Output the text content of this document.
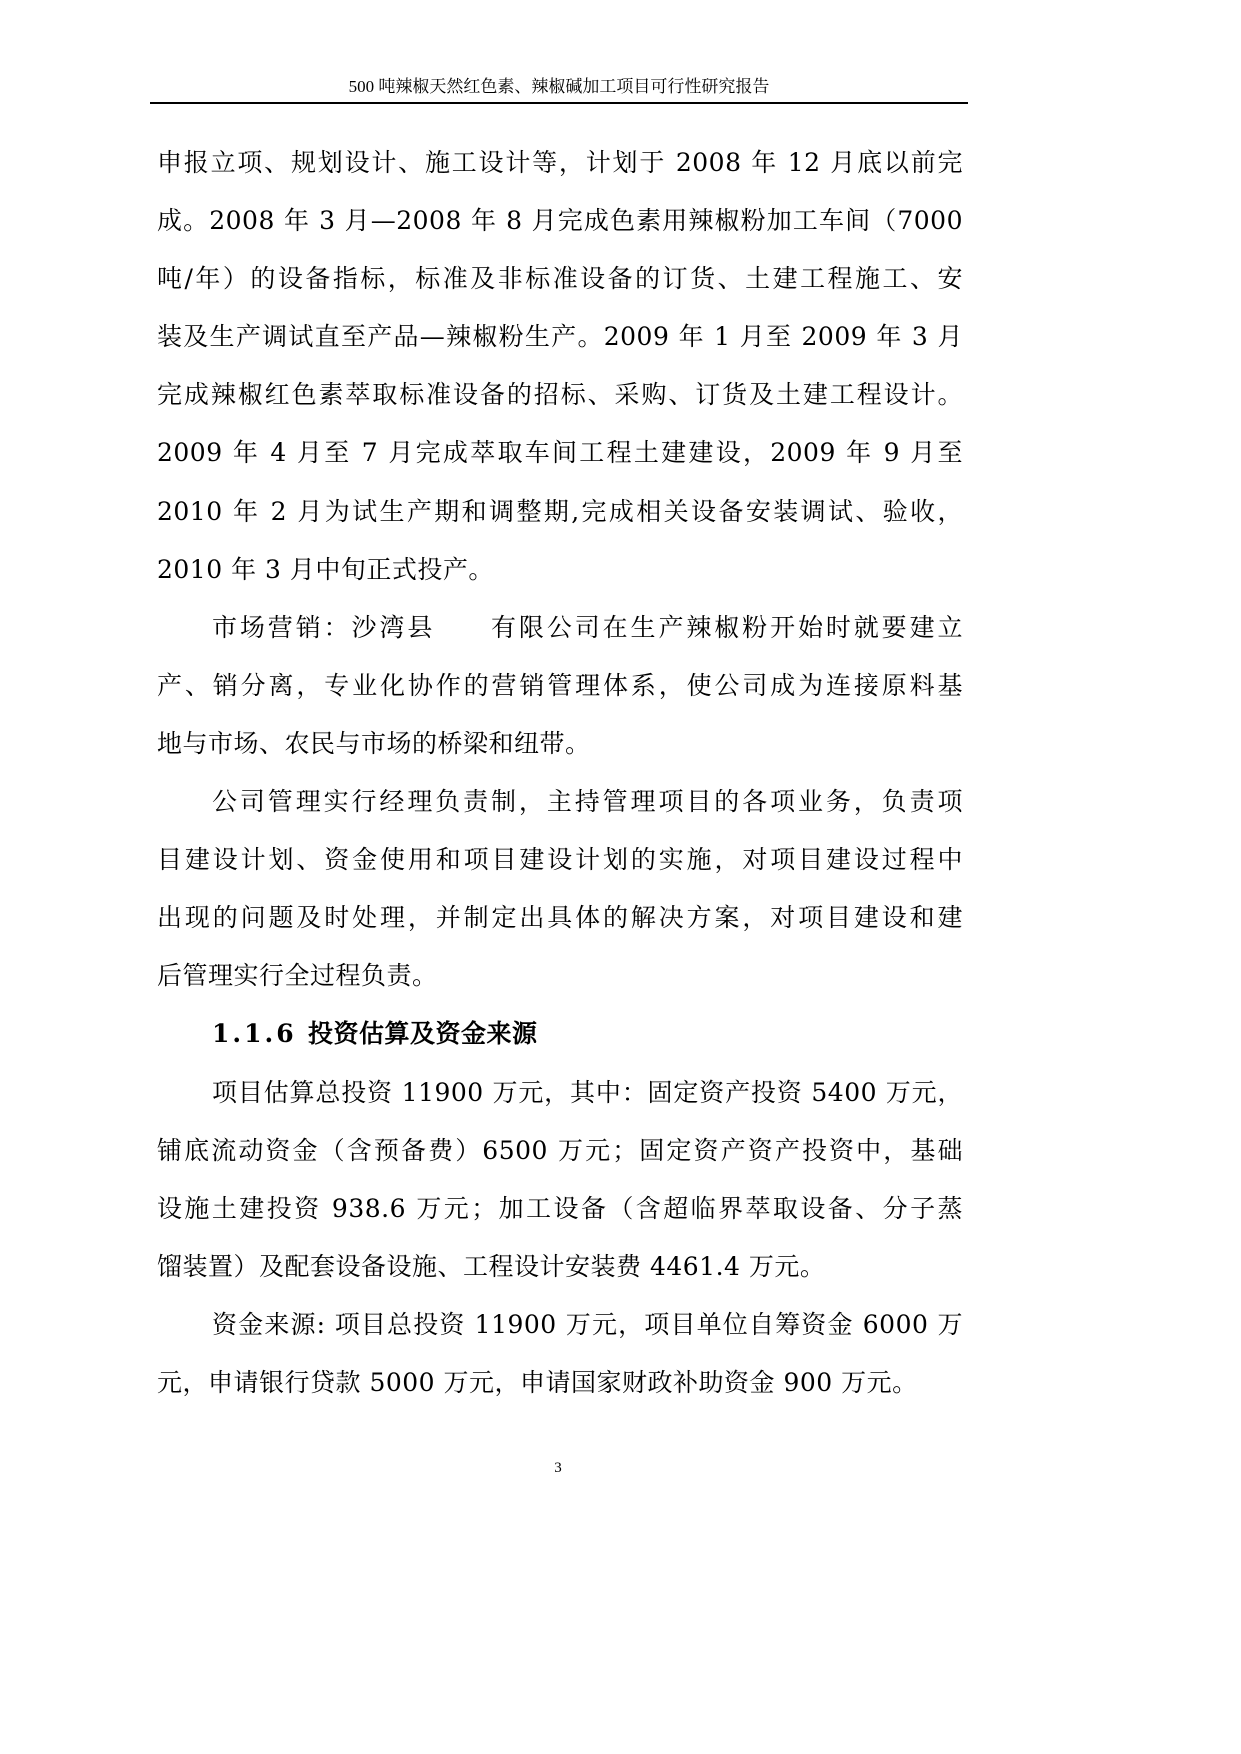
500 吨辣椒天然红色素、辣椒碱加工项目可行性研究报告
申报立项、规划设计、施工设计等，计划于 2008 年 12 月底以前完
成。2008 年 3 月—2008 年 8 月完成色素用辣椒粉加工车间（7000
吨/年）的设备指标，标准及非标准设备的订货、土建工程施工、安
装及生产调试直至产品—辣椒粉生产。2009 年 1 月至 2009 年 3 月
完成辣椒红色素萃取标准设备的招标、采购、订货及土建工程设计。
2009 年 4 月至 7 月完成萃取车间工程土建建设，2009 年 9 月至
2010 年 2 月为试生产期和调整期,完成相关设备安装调试、验收，
2010 年 3 月中旬正式投产。
市场营销：沙湾县　　有限公司在生产辣椒粉开始时就要建立
产、销分离，专业化协作的营销管理体系，使公司成为连接原料基
地与市场、农民与市场的桥梁和纽带。
公司管理实行经理负责制，主持管理项目的各项业务，负责项
目建设计划、资金使用和项目建设计划的实施，对项目建设过程中
出现的问题及时处理，并制定出具体的解决方案，对项目建设和建
后管理实行全过程负责。
1.1.6 投资估算及资金来源
项目估算总投资 11900 万元，其中：固定资产投资 5400 万元，
铺底流动资金（含预备费）6500 万元；固定资产资产投资中，基础
设施土建投资 938.6 万元；加工设备（含超临界萃取设备、分子蒸
馏装置）及配套设备设施、工程设计安装费 4461.4 万元。
资金来源: 项目总投资 11900 万元，项目单位自筹资金 6000 万
元，申请银行贷款 5000 万元，申请国家财政补助资金 900 万元。
3
